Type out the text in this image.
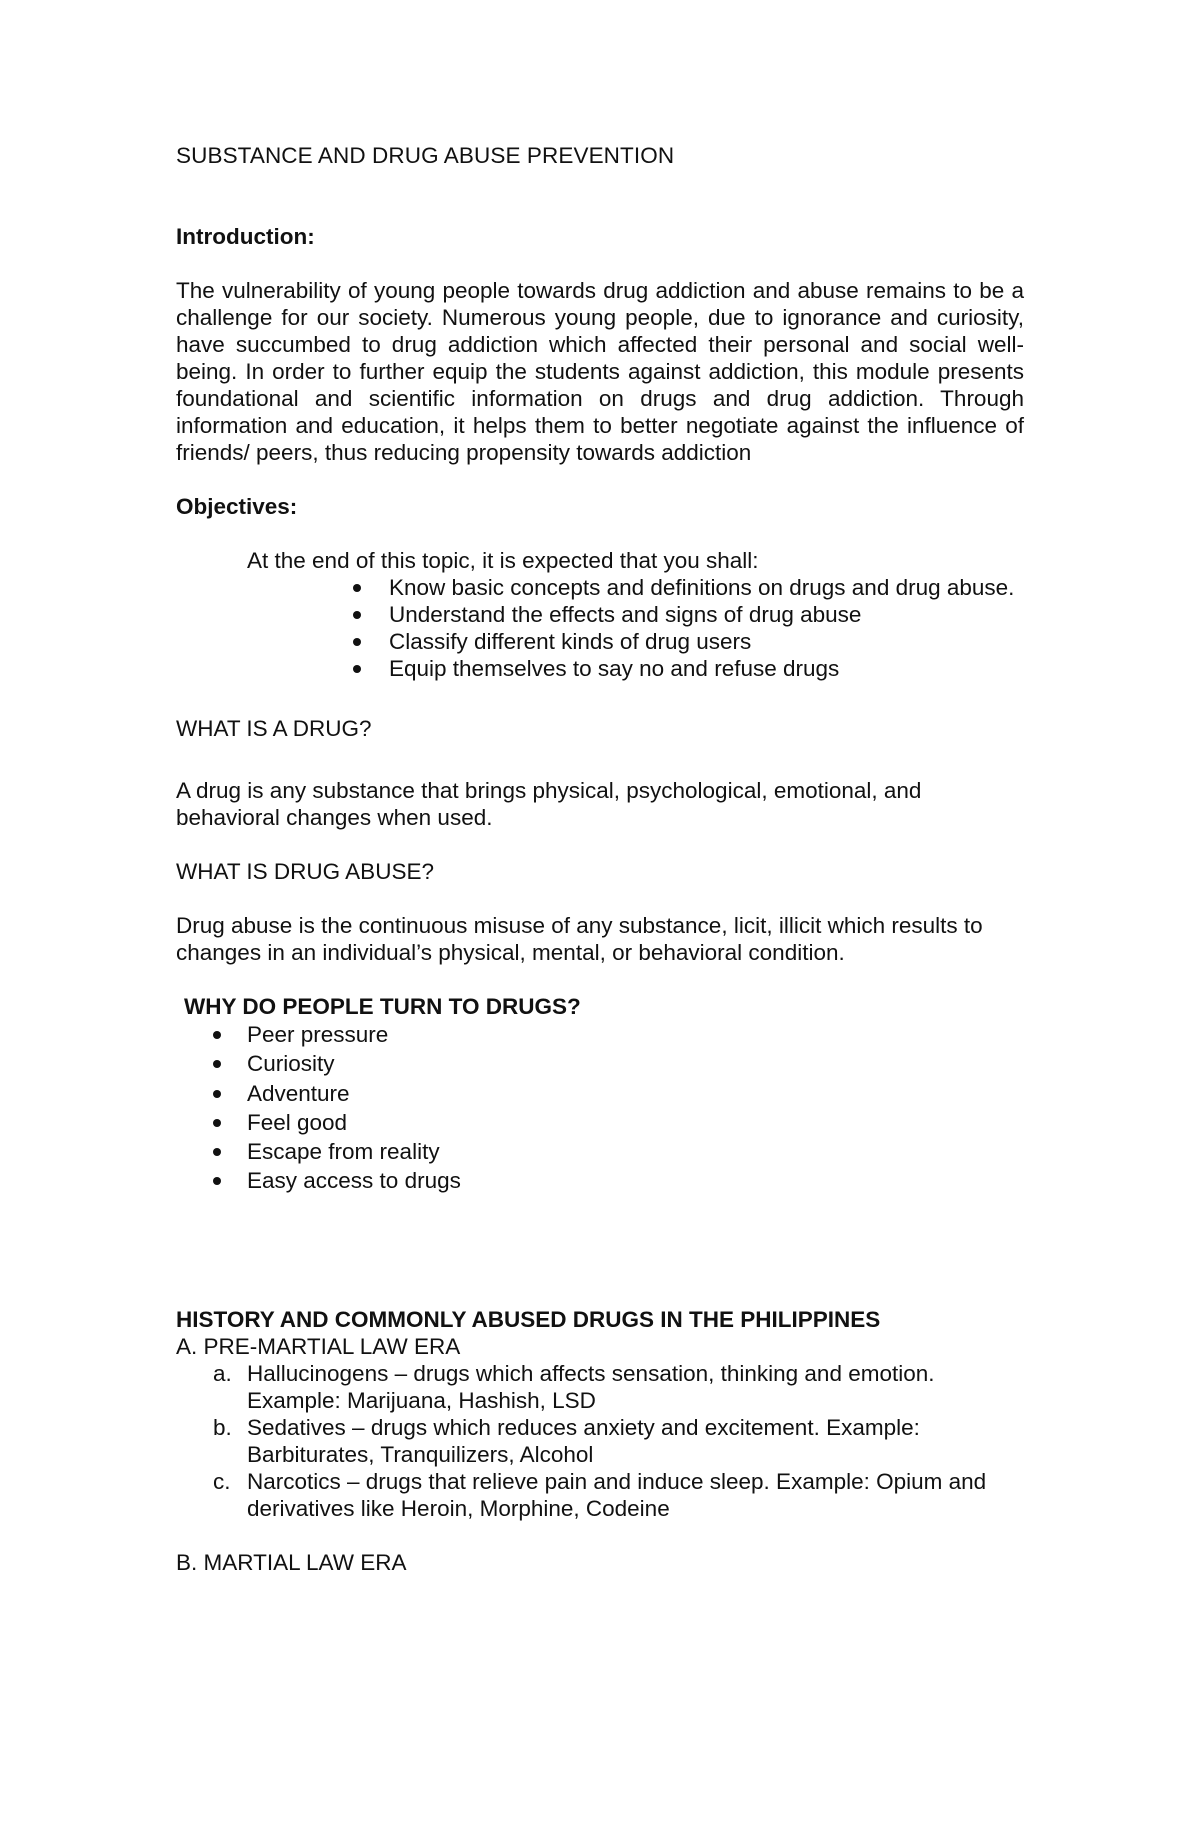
SUBSTANCE AND DRUG ABUSE PREVENTION

Introduction:

The vulnerability of young people towards drug addiction and abuse remains to be a challenge for our society. Numerous young people, due to ignorance and curiosity, have succumbed to drug addiction which affected their personal and social well-being. In order to further equip the students against addiction, this module presents foundational and scientific information on drugs and drug addiction. Through information and education, it helps them to better negotiate against the influence of friends/ peers, thus reducing propensity towards addiction

Objectives:

At the end of this topic, it is expected that you shall:

Know basic concepts and definitions on drugs and drug abuse.
Understand the effects and signs of drug abuse
Classify different kinds of drug users
Equip themselves to say no and refuse drugs

WHAT IS A DRUG?

A drug is any substance that brings physical, psychological, emotional, and behavioral changes when used.

WHAT IS DRUG ABUSE?

Drug abuse is the continuous misuse of any substance, licit, illicit which results to changes in an individual’s physical, mental, or behavioral condition.

WHY DO PEOPLE TURN TO DRUGS?

Peer pressure
Curiosity
Adventure
Feel good
Escape from reality
Easy access to drugs

HISTORY AND COMMONLY ABUSED DRUGS IN THE PHILIPPINES

A. PRE-MARTIAL LAW ERA

a. Hallucinogens – drugs which affects sensation, thinking and emotion. Example: Marijuana, Hashish, LSD
b. Sedatives – drugs which reduces anxiety and excitement. Example: Barbiturates, Tranquilizers, Alcohol
c. Narcotics – drugs that relieve pain and induce sleep. Example: Opium and derivatives like Heroin, Morphine, Codeine

B. MARTIAL LAW ERA
